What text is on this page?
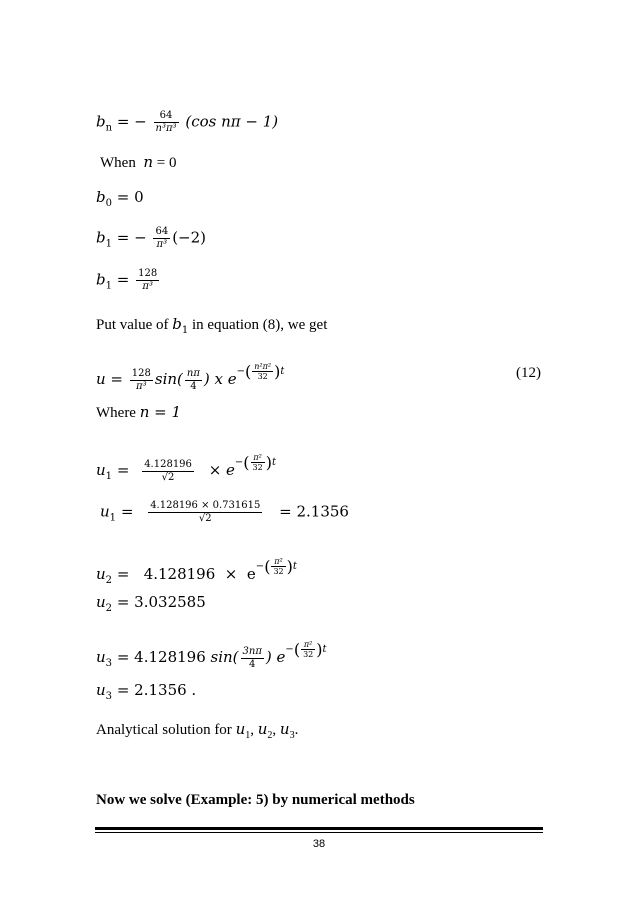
$b_n$ = − $\frac{64}{\text{n³π³}} (\cos$ nπ − 1)
When n = 0
$b_0 = 0$
$b_1$ = − $\frac{64}{\text{π³}} (-2)$
$b_1 = \frac{128}{\text{π³}}$
Put value of $b_1$ in equation (8), we get
$u = \frac{128}{\text{π³}} \sin( \frac{n\pi}{4}$ ) x $e-( \frac{\text{n²π²}}{32} )t$	(12)
Where n = 1
$u_1 = \frac{4.128196}{√2} \times e-( \frac{\text{π²}}{32} )t$
$u_1 = \frac{4.128196 \times 0.731615}{√2} = 2.1356$
$u_2 = 4.128196 \times e-( \frac{\text{π²}}{32} )t$
$u_2 = 3.032585$
$u_3 = 4.128196$ $\sin( \frac{3n\pi}{4}$ ) $e-( \frac{\text{π²}}{32} )t$
$u_3 = 2.1356$ .
Analytical solution for $u_1$, $u_2$, $u_3$.
Now we solve (Example: 5) by numerical methods
38
